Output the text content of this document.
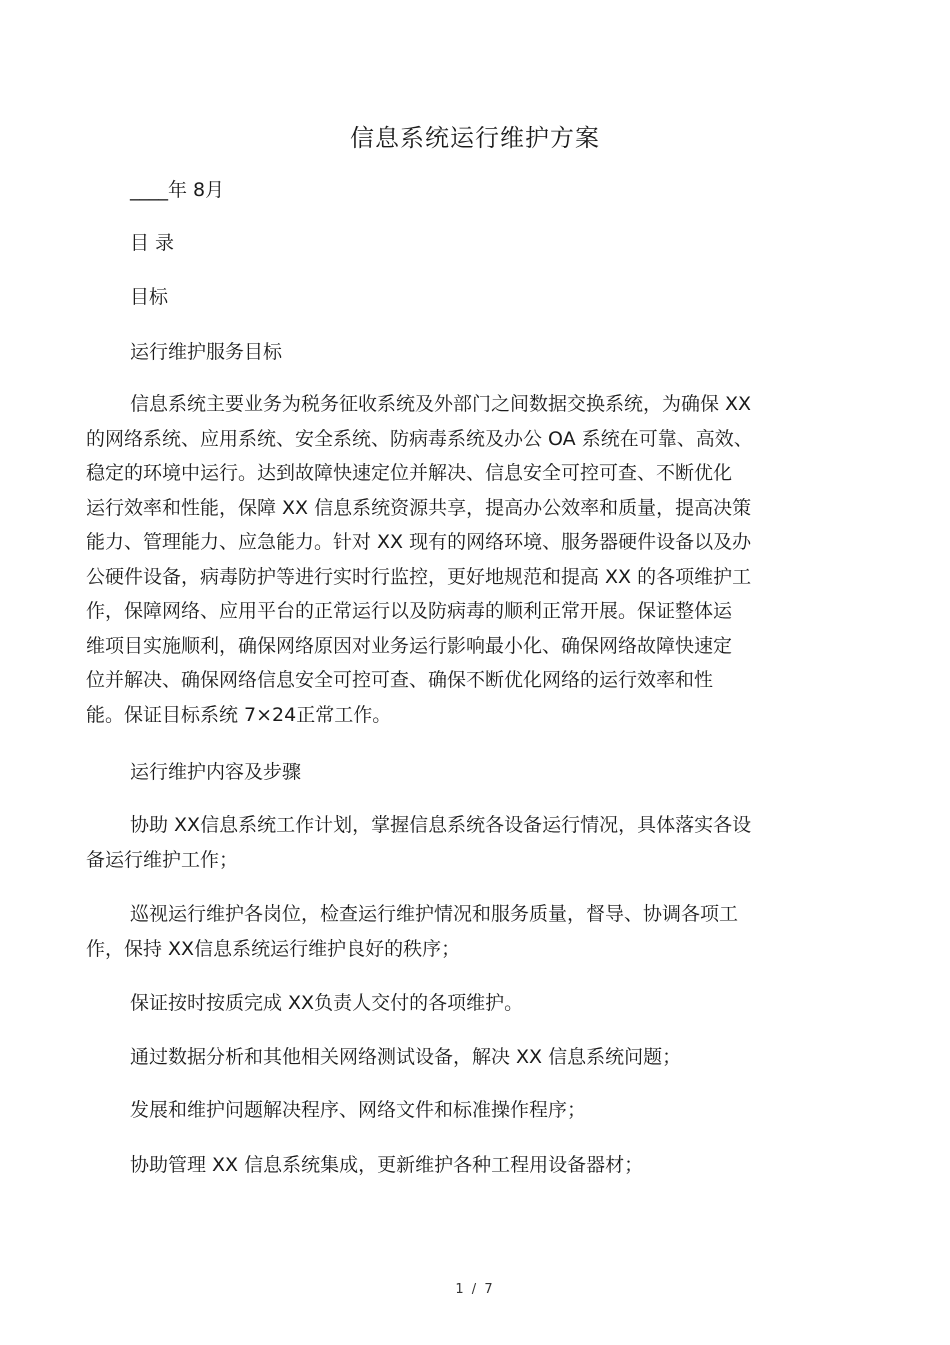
信息系统运行维护方案
____年 8月
目 录
目标
运行维护服务目标
信息系统主要业务为税务征收系统及外部门之间数据交换系统，为确保 XX
的网络系统、应用系统、安全系统、防病毒系统及办公 OA 系统在可靠、高效、
稳定的环境中运行。达到故障快速定位并解决、信息安全可控可查、不断优化
运行效率和性能，保障 XX 信息系统资源共享，提高办公效率和质量，提高决策
能力、管理能力、应急能力。针对 XX 现有的网络环境、服务器硬件设备以及办
公硬件设备，病毒防护等进行实时行监控，更好地规范和提高 XX 的各项维护工
作，保障网络、应用平台的正常运行以及防病毒的顺利正常开展。保证整体运
维项目实施顺利，确保网络原因对业务运行影响最小化、确保网络故障快速定
位并解决、确保网络信息安全可控可查、确保不断优化网络的运行效率和性
能。保证目标系统 7×24正常工作。
运行维护内容及步骤
协助 XX信息系统工作计划，掌握信息系统各设备运行情况，具体落实各设
备运行维护工作；
巡视运行维护各岗位，检查运行维护情况和服务质量，督导、协调各项工
作，保持 XX信息系统运行维护良好的秩序；
保证按时按质完成 XX负责人交付的各项维护。
通过数据分析和其他相关网络测试设备，解决 XX 信息系统问题；
发展和维护问题解决程序、网络文件和标准操作程序；
协助管理 XX 信息系统集成，更新维护各种工程用设备器材；
1 / 7
